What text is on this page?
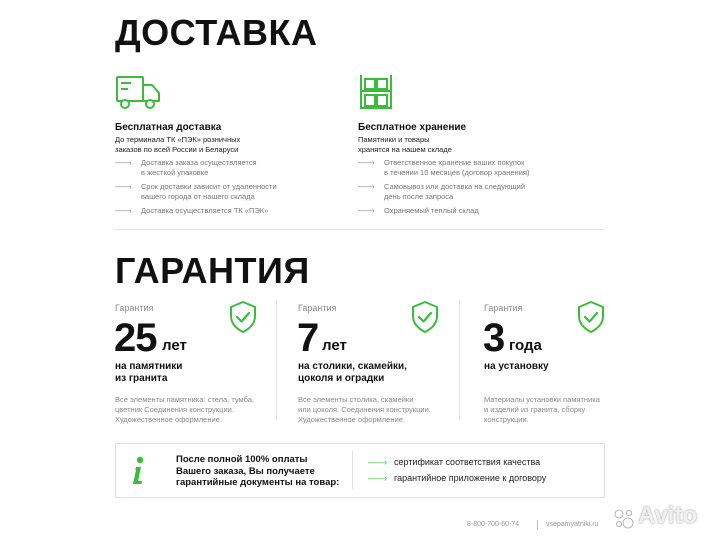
ДОСТАВКА
Бесплатная доставка
До терминала ТК «ПЭК» розничных
заказов по всей России и Беларуси
——› Доставка заказа осуществляется
в жесткой упаковке
——› Срок доставки зависит от удаленности
вашего города от нашего склада
——› Доставка осуществляется ТК «ПЭК»
Бесплатное хранение
Памятники и товары
хранятся на нашем складе
——› Ответственное хранение ваших покупок
в течении 10 месяцев (договор хранения)
——› Самовывоз или доставка на следующий
день после запроса
——› Охраняемый теплый склад
ГАРАНТИЯ
Гарантия
25 лет
на памятники
из гранита
Все элементы памятника: стела, тумба,
цветник Соединения конструкции.
Художественное оформление.
Гарантия
7 лет
на столики, скамейки,
цоколя и оградки
Все элементы столика, скамейки
или цоколя. Соединения конструкции.
Художественное оформление.
Гарантия
3 года
на установку
Материалы установки памятника
и изделий из гранита, сборку
конструкции.
После полной 100% оплаты
Вашего заказа, Вы получаете
гарантийные документы на товар:
——› сертификат соответствия качества
——› гарантийное приложение к договору
8-800-700-60-74	vsepamyatniki.ru Avito
